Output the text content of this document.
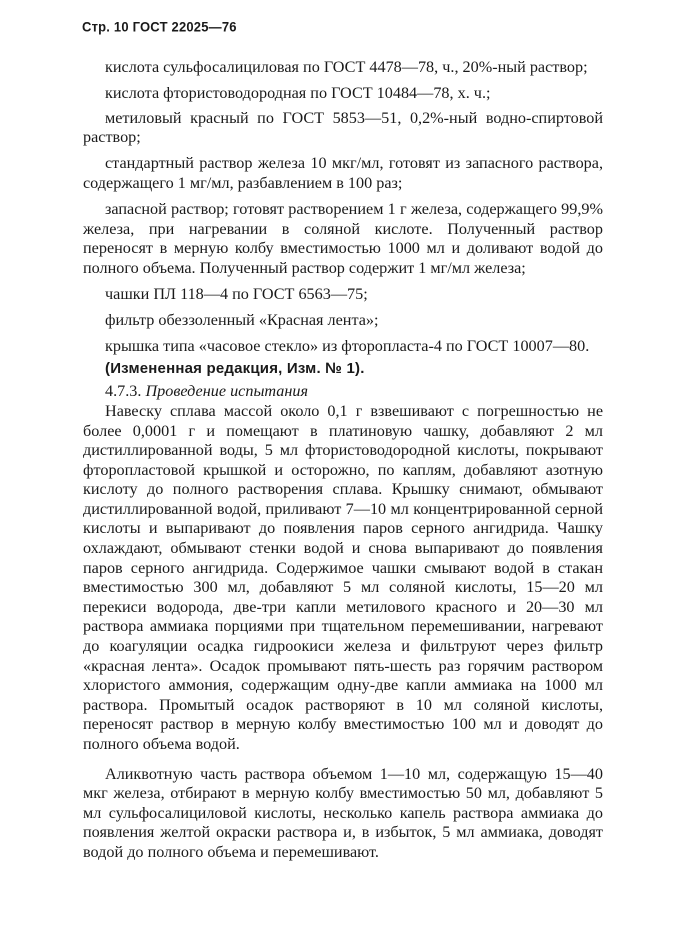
Стр. 10 ГОСТ 22025—76

кислота сульфосалициловая по ГОСТ 4478—78, ч., 20%-ный раствор;

кислота фтористоводородная по ГОСТ 10484—78, х. ч.;

метиловый красный по ГОСТ 5853—51, 0,2%-ный водно-спиртовой раствор;

стандартный раствор железа 10 мкг/мл, готовят из запасного раствора, содержащего 1 мг/мл, разбавлением в 100 раз;

запасной раствор; готовят растворением 1 г железа, содержащего 99,9% железа, при нагревании в соляной кислоте. Полученный раствор переносят в мерную колбу вместимостью 1000 мл и доливают водой до полного объема. Полученный раствор содержит 1 мг/мл железа;

чашки ПЛ 118—4 по ГОСТ 6563—75;

фильтр обеззоленный «Красная лента»;

крышка типа «часовое стекло» из фторопласта-4 по ГОСТ 10007—80.

(Измененная редакция, Изм. № 1).

4.7.3. Проведение испытания

Навеску сплава массой около 0,1 г взвешивают с погрешностью не более 0,0001 г и помещают в платиновую чашку, добавляют 2 мл дистиллированной воды, 5 мл фтористоводородной кислоты, покрывают фторопластовой крышкой и осторожно, по каплям, добавляют азотную кислоту до полного растворения сплава. Крышку снимают, обмывают дистиллированной водой, приливают 7—10 мл концентрированной серной кислоты и выпаривают до появления паров серного ангидрида. Чашку охлаждают, обмывают стенки водой и снова выпаривают до появления паров серного ангидрида. Содержимое чашки смывают водой в стакан вместимостью 300 мл, добавляют 5 мл соляной кислоты, 15—20 мл перекиси водорода, две-три капли метилового красного и 20—30 мл раствора аммиака порциями при тщательном перемешивании, нагревают до коагуляции осадка гидроокиси железа и фильтруют через фильтр «красная лента». Осадок промывают пять-шесть раз горячим раствором хлористого аммония, содержащим одну-две капли аммиака на 1000 мл раствора. Промытый осадок растворяют в 10 мл соляной кислоты, переносят раствор в мерную колбу вместимостью 100 мл и доводят до полного объема водой.

Аликвотную часть раствора объемом 1—10 мл, содержащую 15—40 мкг железа, отбирают в мерную колбу вместимостью 50 мл, добавляют 5 мл сульфосалициловой кислоты, несколько капель раствора аммиака до появления желтой окраски раствора и, в избыток, 5 мл аммиака, доводят водой до полного объема и перемешивают.
